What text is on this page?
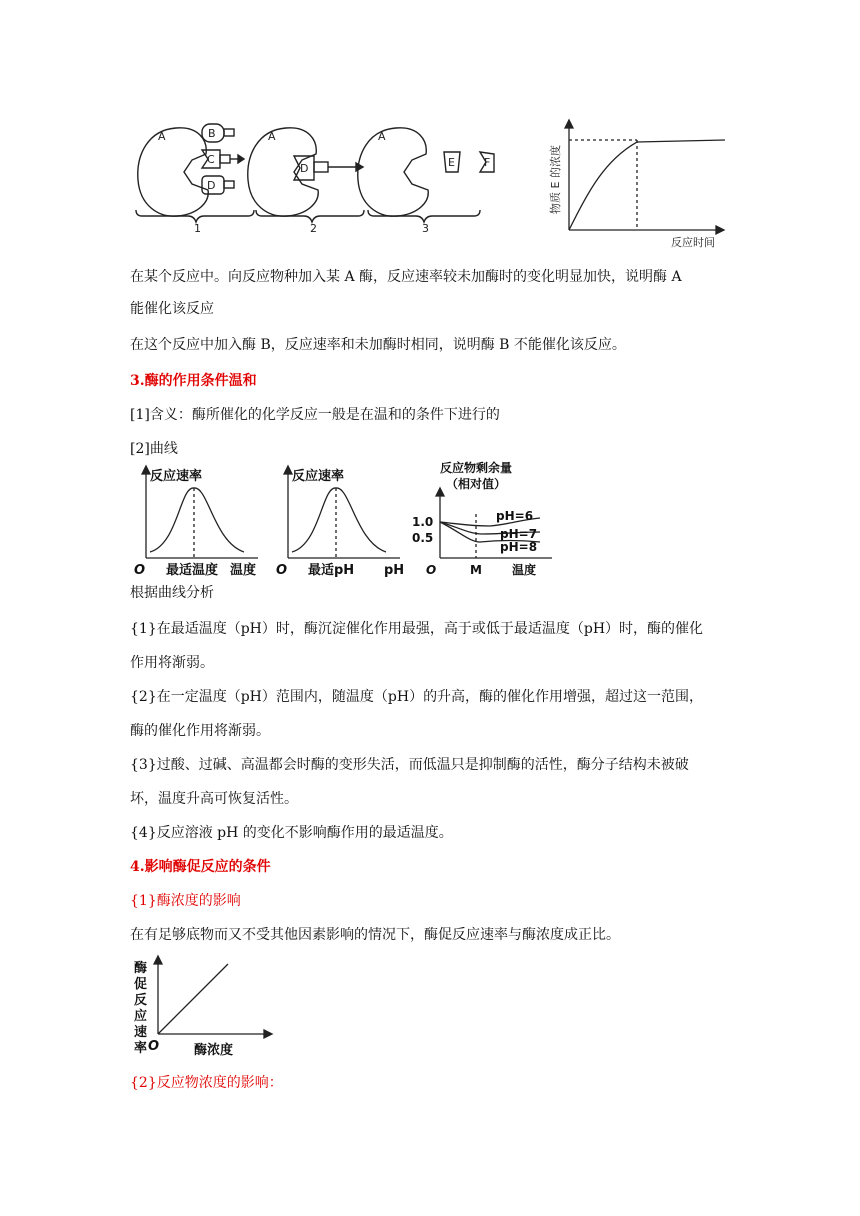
A	B
C
D
A
D
A
E	F
1	2	3
物质 E 的浓度
反应时间
在某个反应中。向反应物种加入某 A 酶，反应速率较未加酶时的变化明显加快，说明酶 A
能催化该反应
在这个反应中加入酶 B，反应速率和未加酶时相同，说明酶 B 不能催化该反应。
3.酶的作用条件温和
[1]含义：酶所催化的化学反应一般是在温和的条件下进行的
[2]曲线
反应速率
O 最适温度 温度
反应速率
O 最适pH pH
反应物剩余量
（相对值）
1.0
0.5
O	M	温度
pH=6
pH=7
pH=8
根据曲线分析
{1}在最适温度（pH）时，酶沉淀催化作用最强，高于或低于最适温度（pH）时，酶的催化
作用将渐弱。
{2}在一定温度（pH）范围内，随温度（pH）的升高，酶的催化作用增强，超过这一范围，
酶的催化作用将渐弱。
{3}过酸、过碱、高温都会时酶的变形失活，而低温只是抑制酶的活性，酶分子结构未被破
坏，温度升高可恢复活性。
{4}反应溶液 pH 的变化不影响酶作用的最适温度。
4.影响酶促反应的条件
{1}酶浓度的影响
在有足够底物而又不受其他因素影响的情况下，酶促反应速率与酶浓度成正比。
酶
促
反
应
速
率 O	酶浓度
{2}反应物浓度的影响：
